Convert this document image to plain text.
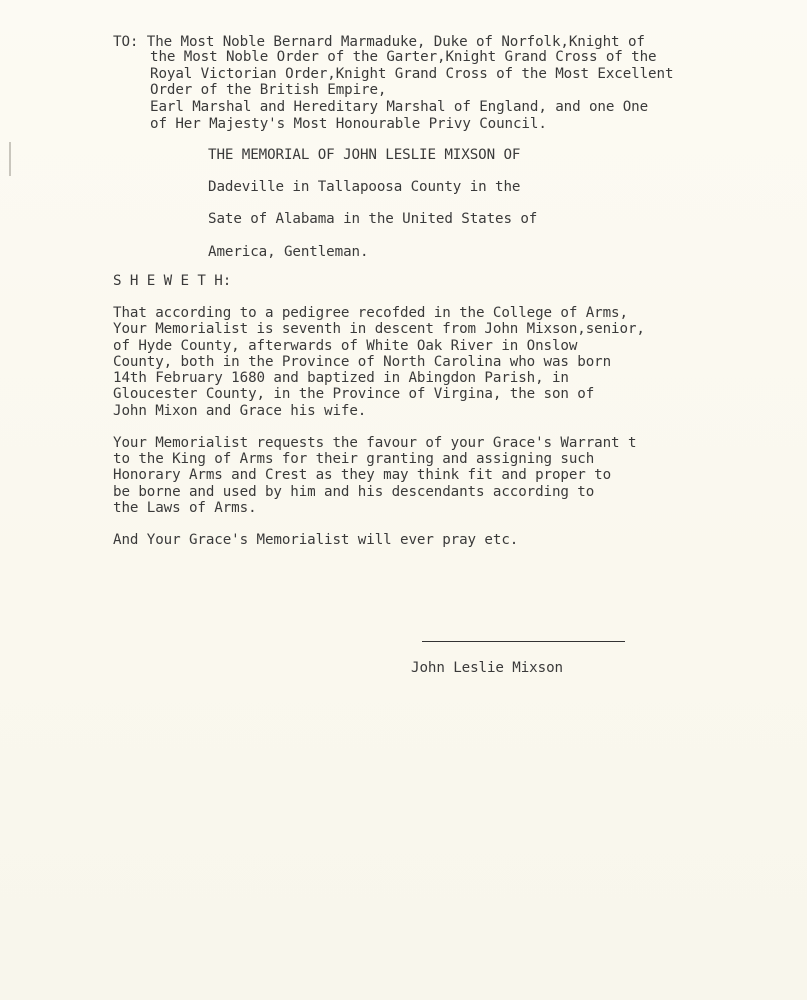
TO: The Most Noble Bernard Marmaduke, Duke of Norfolk,Knight of
the Most Noble Order of the Garter,Knight Grand Cross of the
Royal Victorian Order,Knight Grand Cross of the Most Excellent
Order of the British Empire,
Earl Marshal and Hereditary Marshal of England, and one One
of Her Majesty's Most Honourable Privy Council.
THE MEMORIAL OF JOHN LESLIE MIXSON OF
Dadeville in Tallapoosa County in the
Sate of Alabama in the United States of
America, Gentleman.
S H E W E T H:
That according to a pedigree recofded in the College of Arms,
Your Memorialist is seventh in descent from John Mixson,senior,
of Hyde County, afterwards of White Oak River in Onslow
County, both in the Province of North Carolina who was born
14th February 1680 and baptized in Abingdon Parish, in
Gloucester County, in the Province of Virgina, the son of
John Mixon and Grace his wife.
Your Memorialist requests the favour of your Grace's Warrant t
to the King of Arms for their granting and assigning such
Honorary Arms and Crest as they may think fit and proper to
be borne and used by him and his descendants according to
the Laws of Arms.
And Your Grace's Memorialist will ever pray etc.
John Leslie Mixson
